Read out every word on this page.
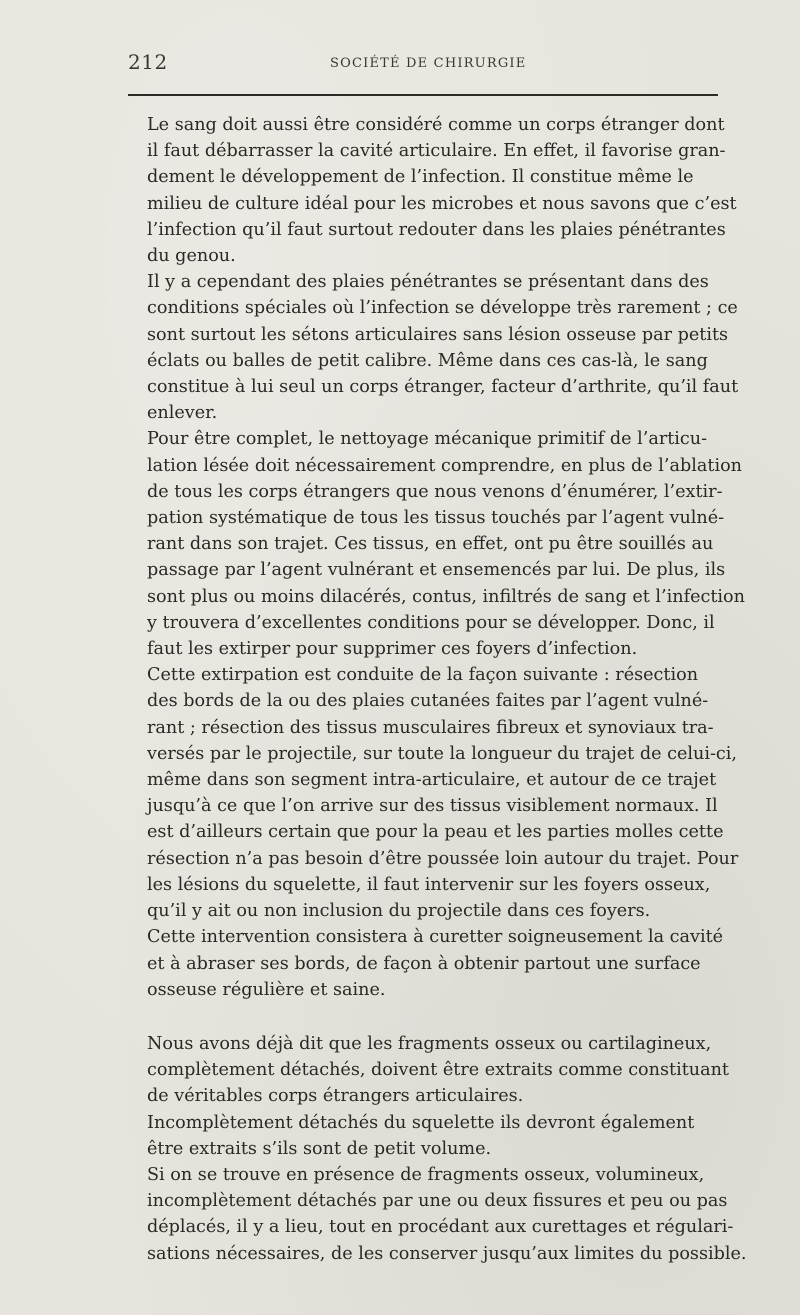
212	SOCIÉTÉ DE CHIRURGIE

Le sang doit aussi être considéré comme un corps étranger dont
il faut débarrasser la cavité articulaire. En effet, il favorise gran-
dement le développement de l’infection. Il constitue même le
milieu de culture idéal pour les microbes et nous savons que c’est
l’infection qu’il faut surtout redouter dans les plaies pénétrantes
du genou.

Il y a cependant des plaies pénétrantes se présentant dans des
conditions spéciales où l’infection se développe très rarement ; ce
sont surtout les sétons articulaires sans lésion osseuse par petits
éclats ou balles de petit calibre. Même dans ces cas-là, le sang
constitue à lui seul un corps étranger, facteur d’arthrite, qu’il faut
enlever.

Pour être complet, le nettoyage mécanique primitif de l’articu-
lation lésée doit nécessairement comprendre, en plus de l’ablation
de tous les corps étrangers que nous venons d’énumérer, l’extir-
pation systématique de tous les tissus touchés par l’agent vulné-
rant dans son trajet. Ces tissus, en effet, ont pu être souillés au
passage par l’agent vulnérant et ensemencés par lui. De plus, ils
sont plus ou moins dilacérés, contus, infiltrés de sang et l’infection
y trouvera d’excellentes conditions pour se développer. Donc, il
faut les extirper pour supprimer ces foyers d’infection.

Cette extirpation est conduite de la façon suivante : résection
des bords de la ou des plaies cutanées faites par l’agent vulné-
rant ; résection des tissus musculaires fibreux et synoviaux tra-
versés par le projectile, sur toute la longueur du trajet de celui-ci,
même dans son segment intra-articulaire, et autour de ce trajet
jusqu’à ce que l’on arrive sur des tissus visiblement normaux. Il
est d’ailleurs certain que pour la peau et les parties molles cette
résection n’a pas besoin d’être poussée loin autour du trajet. Pour
les lésions du squelette, il faut intervenir sur les foyers osseux,
qu’il y ait ou non inclusion du projectile dans ces foyers.

Cette intervention consistera à curetter soigneusement la cavité
et à abraser ses bords, de façon à obtenir partout une surface
osseuse régulière et saine.

Nous avons déjà dit que les fragments osseux ou cartilagineux,
complètement détachés, doivent être extraits comme constituant
de véritables corps étrangers articulaires.

Incomplètement détachés du squelette ils devront également
être extraits s’ils sont de petit volume.

Si on se trouve en présence de fragments osseux, volumineux,
incomplètement détachés par une ou deux fissures et peu ou pas
déplacés, il y a lieu, tout en procédant aux curettages et régulari-
sations nécessaires, de les conserver jusqu’aux limites du possible.
